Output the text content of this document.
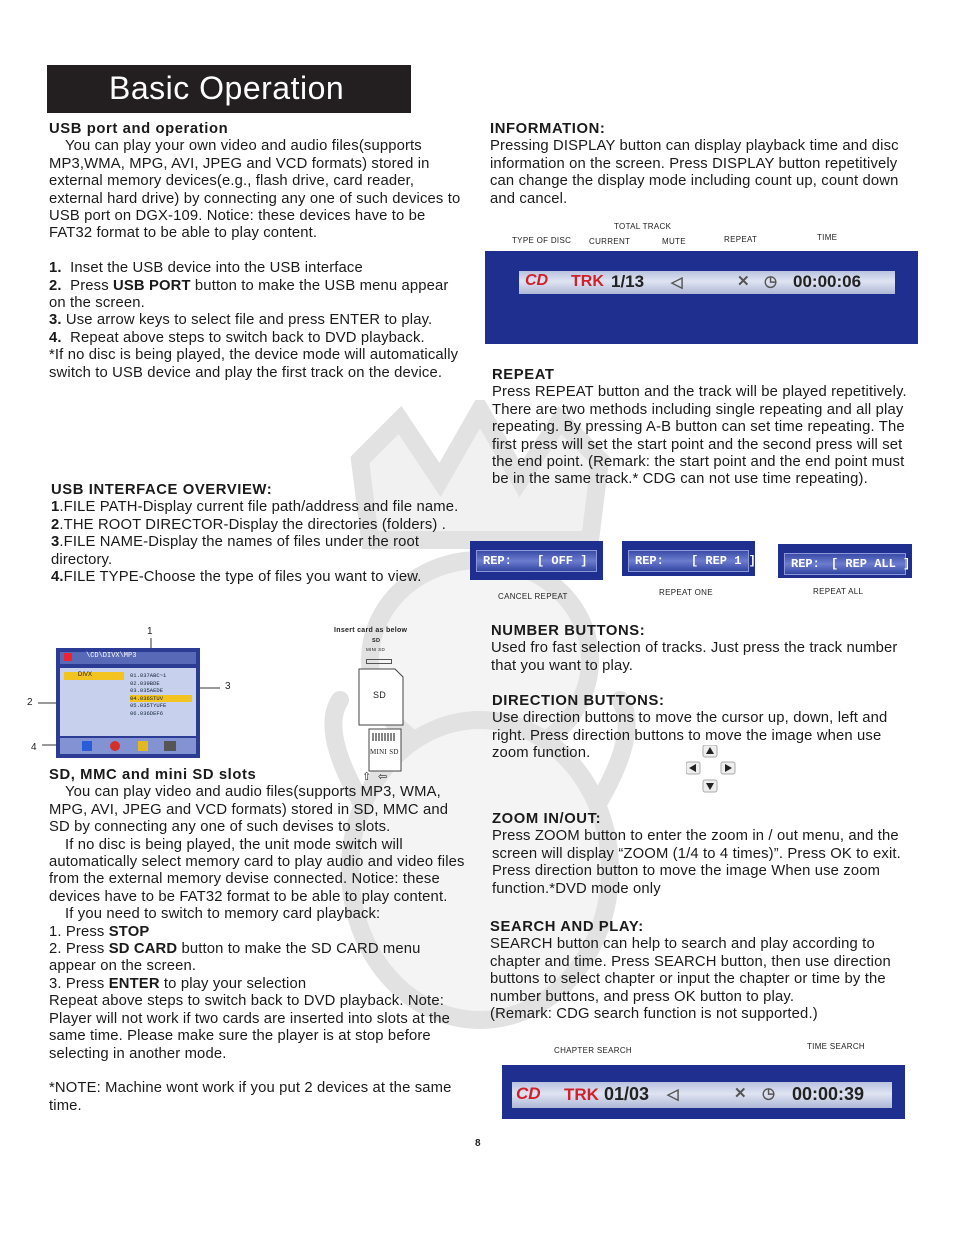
Basic Operation

USB port and operation

You can play your own video and audio files(supports MP3,WMA, MPG, AVI, JPEG and VCD formats) stored in external memory devices(e.g., flash drive, card reader, external hard drive) by connecting any one of such devices to USB port on DGX-109. Notice: these devices have to be FAT32 format to be able to play content.

1. Inset the USB device into the USB interface

2. Press USB PORT button to make the USB menu appear on the screen.

3. Use arrow keys to select file and press ENTER to play.

4. Repeat above steps to switch back to DVD playback.

*If no disc is being played, the device mode will automatically switch to USB device and play the first track on the device.

USB INTERFACE OVERVIEW:

1.FILE PATH-Display current file path/address and file name.

2.THE ROOT DIRECTOR-Display the directories (folders) .

3.FILE NAME-Display the names of files under the root directory.

4.FILE TYPE-Choose the type of files you want to view.

1
2
3
4
\CD\DIVX\MP3
DIVX	01.037ABC~1
02.039BDE
03.035AEDE
04.036STUV
05.035TYUFE
06.036DEF6
Insert card as below
SD
MINI SD
SD
MINI SD
⇧ ⇦

SD, MMC and mini SD slots

You can play video and audio files(supports MP3, WMA, MPG, AVI, JPEG and VCD formats) stored in SD, MMC and SD by connecting any one of such devises to slots.

If no disc is being played, the unit mode switch will automatically select memory card to play audio and video files from the external memory devise connected. Notice: these devices have to be FAT32 format to be able to play content.

If you need to switch to memory card playback:

1. Press STOP

2. Press SD CARD button to make the SD CARD menu appear on the screen.

3. Press ENTER to play your selection

Repeat above steps to switch back to DVD playback. Note: Player will not work if two cards are inserted into slots at the same time. Please make sure the player is at stop before selecting in another mode.

*NOTE: Machine wont work if you put 2 devices at the same time.

8

INFORMATION:

Pressing DISPLAY button can display playback time and disc information on the screen. Press DISPLAY button repetitively can change the display mode including count up, count down and cancel.

TOTAL TRACK
TYPE OF DISC CURRENT	MUTE	REPEAT	TIME
CD TRK 1/13 ◁	✕ ◷ 00:00:06

REPEAT

Press REPEAT button and the track will be played repetitively. There are two methods including single repeating and all play repeating. By pressing A-B button can set time repeating. The first press will set the start point and the second press will set the end point. (Remark: the start point and the end point must be in the same track.* CDG can not use time repeating).

REP: [ OFF ]	REP: [ REP 1 ]	REP: [ REP ALL ]
CANCEL REPEAT	REPEAT ONE	REPEAT ALL

NUMBER BUTTONS:

Used fro fast selection of tracks. Just press the track number that you want to play.

DIRECTION BUTTONS:

Use direction buttons to move the cursor up, down, left and right. Press direction buttons to move the image when use zoom function.

ZOOM IN/OUT:

Press ZOOM button to enter the zoom in / out menu, and the screen will display “ZOOM (1/4 to 4 times)”. Press OK to exit. Press direction button to move the image When use zoom function.*DVD mode only

SEARCH AND PLAY:

SEARCH button can help to search and play according to chapter and time. Press SEARCH button, then use direction buttons to select chapter or input the chapter or time by the number buttons, and press OK button to play.

(Remark: CDG search function is not supported.)

CHAPTER SEARCH	TIME SEARCH
CD TRK 01/03 ◁	✕ ◷ 00:00:39
